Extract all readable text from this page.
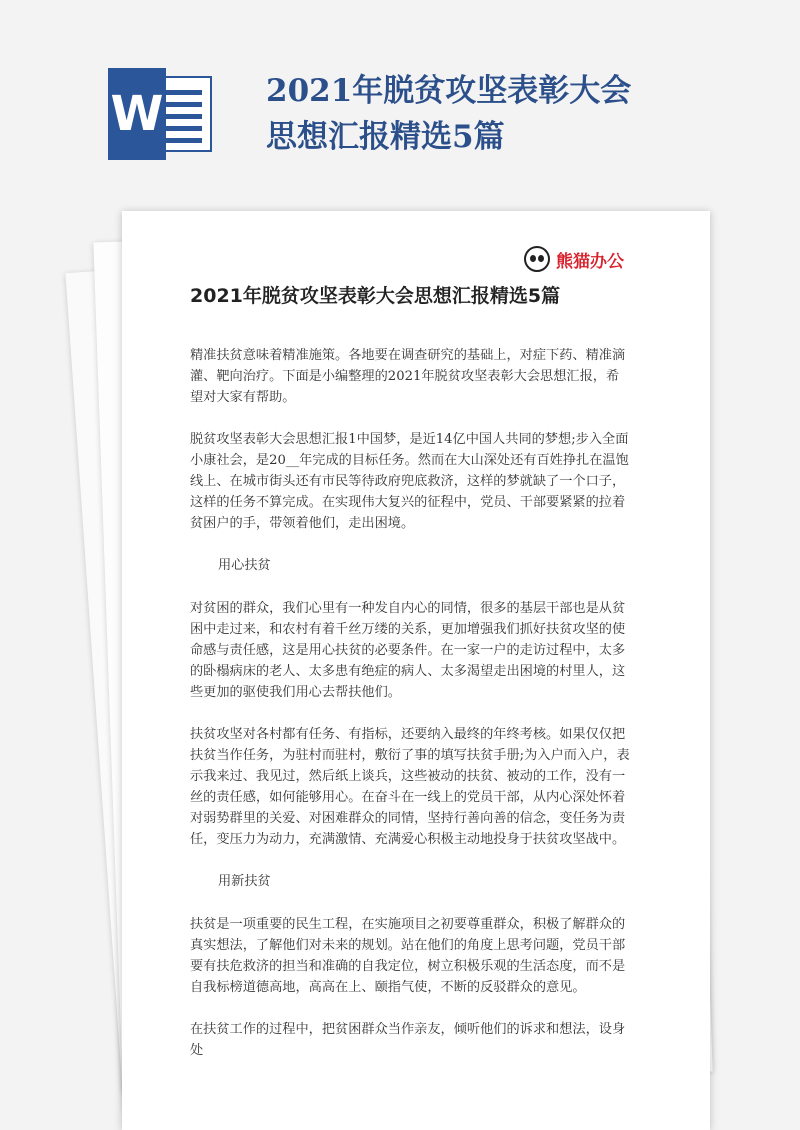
W	2021年脱贫攻坚表彰大会
思想汇报精选5篇
熊猫办公
2021年脱贫攻坚表彰大会思想汇报精选5篇

精准扶贫意味着精准施策。各地要在调查研究的基础上，对症下药、精准滴灌、靶向治疗。下面是小编整理的2021年脱贫攻坚表彰大会思想汇报，希望对大家有帮助。

脱贫攻坚表彰大会思想汇报1中国梦，是近14亿中国人共同的梦想;步入全面小康社会，是20__年完成的目标任务。然而在大山深处还有百姓挣扎在温饱线上、在城市街头还有市民等待政府兜底救济，这样的梦就缺了一个口子，这样的任务不算完成。在实现伟大复兴的征程中，党员、干部要紧紧的拉着贫困户的手，带领着他们，走出困境。

用心扶贫

对贫困的群众，我们心里有一种发自内心的同情，很多的基层干部也是从贫困中走过来，和农村有着千丝万缕的关系，更加增强我们抓好扶贫攻坚的使命感与责任感，这是用心扶贫的必要条件。在一家一户的走访过程中，太多的卧榻病床的老人、太多患有绝症的病人、太多渴望走出困境的村里人，这些更加的驱使我们用心去帮扶他们。

扶贫攻坚对各村都有任务、有指标，还要纳入最终的年终考核。如果仅仅把扶贫当作任务，为驻村而驻村，敷衍了事的填写扶贫手册;为入户而入户，表示我来过、我见过，然后纸上谈兵，这些被动的扶贫、被动的工作，没有一丝的责任感，如何能够用心。在奋斗在一线上的党员干部，从内心深处怀着对弱势群里的关爱、对困难群众的同情，坚持行善向善的信念，变任务为责任，变压力为动力，充满激情、充满爱心积极主动地投身于扶贫攻坚战中。

用新扶贫

扶贫是一项重要的民生工程，在实施项目之初要尊重群众，积极了解群众的真实想法，了解他们对未来的规划。站在他们的角度上思考问题，党员干部要有扶危救济的担当和准确的自我定位，树立积极乐观的生活态度，而不是自我标榜道德高地，高高在上、颐指气使，不断的反驳群众的意见。

在扶贫工作的过程中，把贫困群众当作亲友，倾听他们的诉求和想法，设身处
